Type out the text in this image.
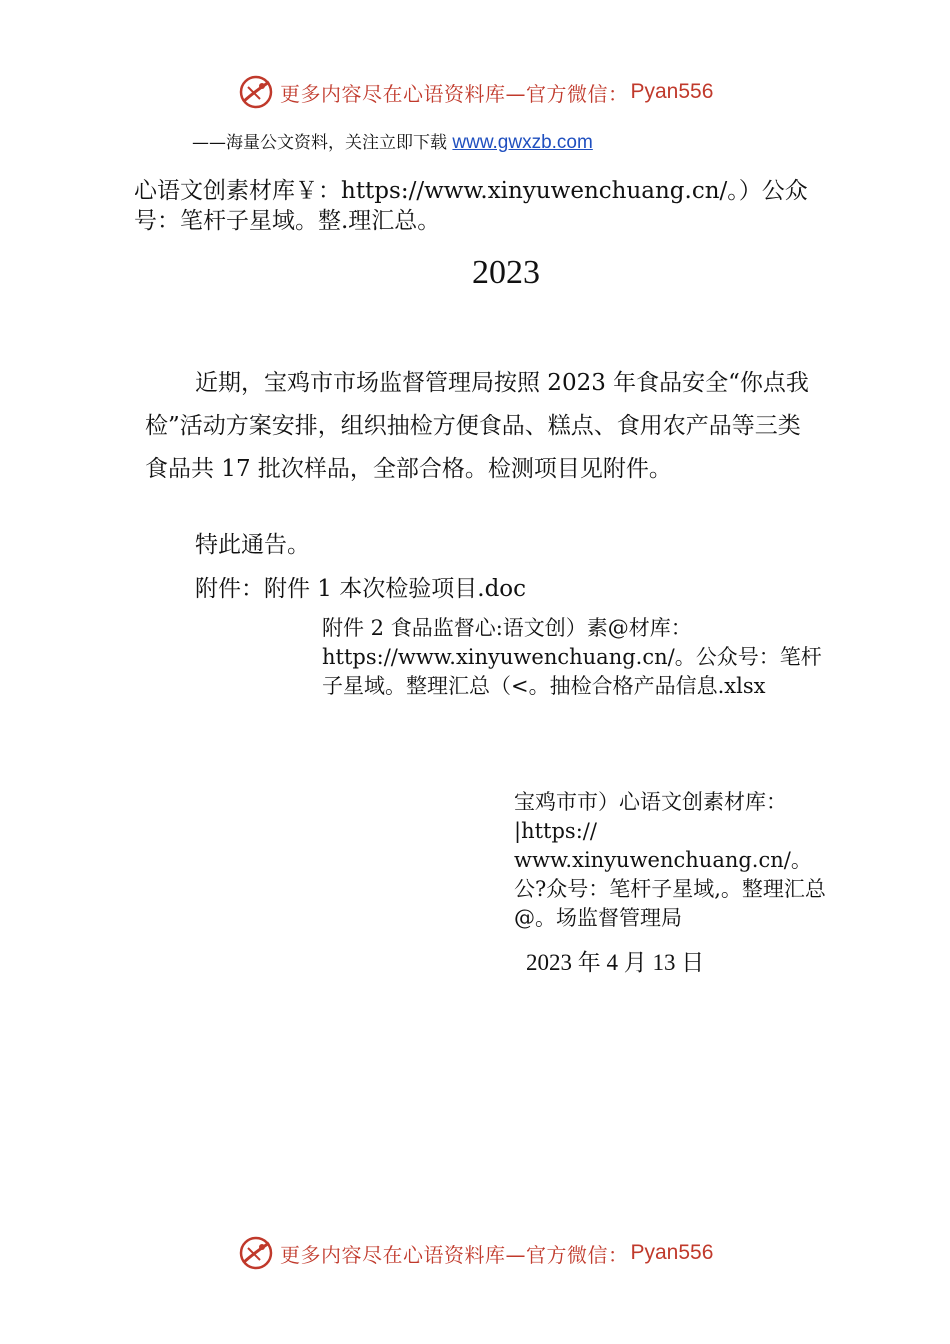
更多内容尽在心语资料库—官方微信： Pyan556
——海量公文资料，关注立即下载 www.gwxzb.com
心语文创素材库￥：https://www.xinyuwenchuang.cn/。）公众号：笔杆子星域。整.理汇总。
2023
近期，宝鸡市市场监督管理局按照 2023 年食品安全“你点我检”活动方案安排，组织抽检方便食品、糕点、食用农产品等三类食品共 17 批次样品，全部合格。检测项目见附件。
特此通告。
附件：附件 1 本次检验项目.doc
附件 2 食品监督心:语文创）素@材库：https://www.xinyuwenchuang.cn/。公众号：笔杆子星域。整理汇总（<。抽检合格产品信息.xlsx
宝鸡市市）心语文创素材库：
|https://
www.xinyuwenchuang.cn/。
公?众号：笔杆子星域,。整理汇总@。场监督管理局
2023 年 4 月 13 日
更多内容尽在心语资料库—官方微信： Pyan556
